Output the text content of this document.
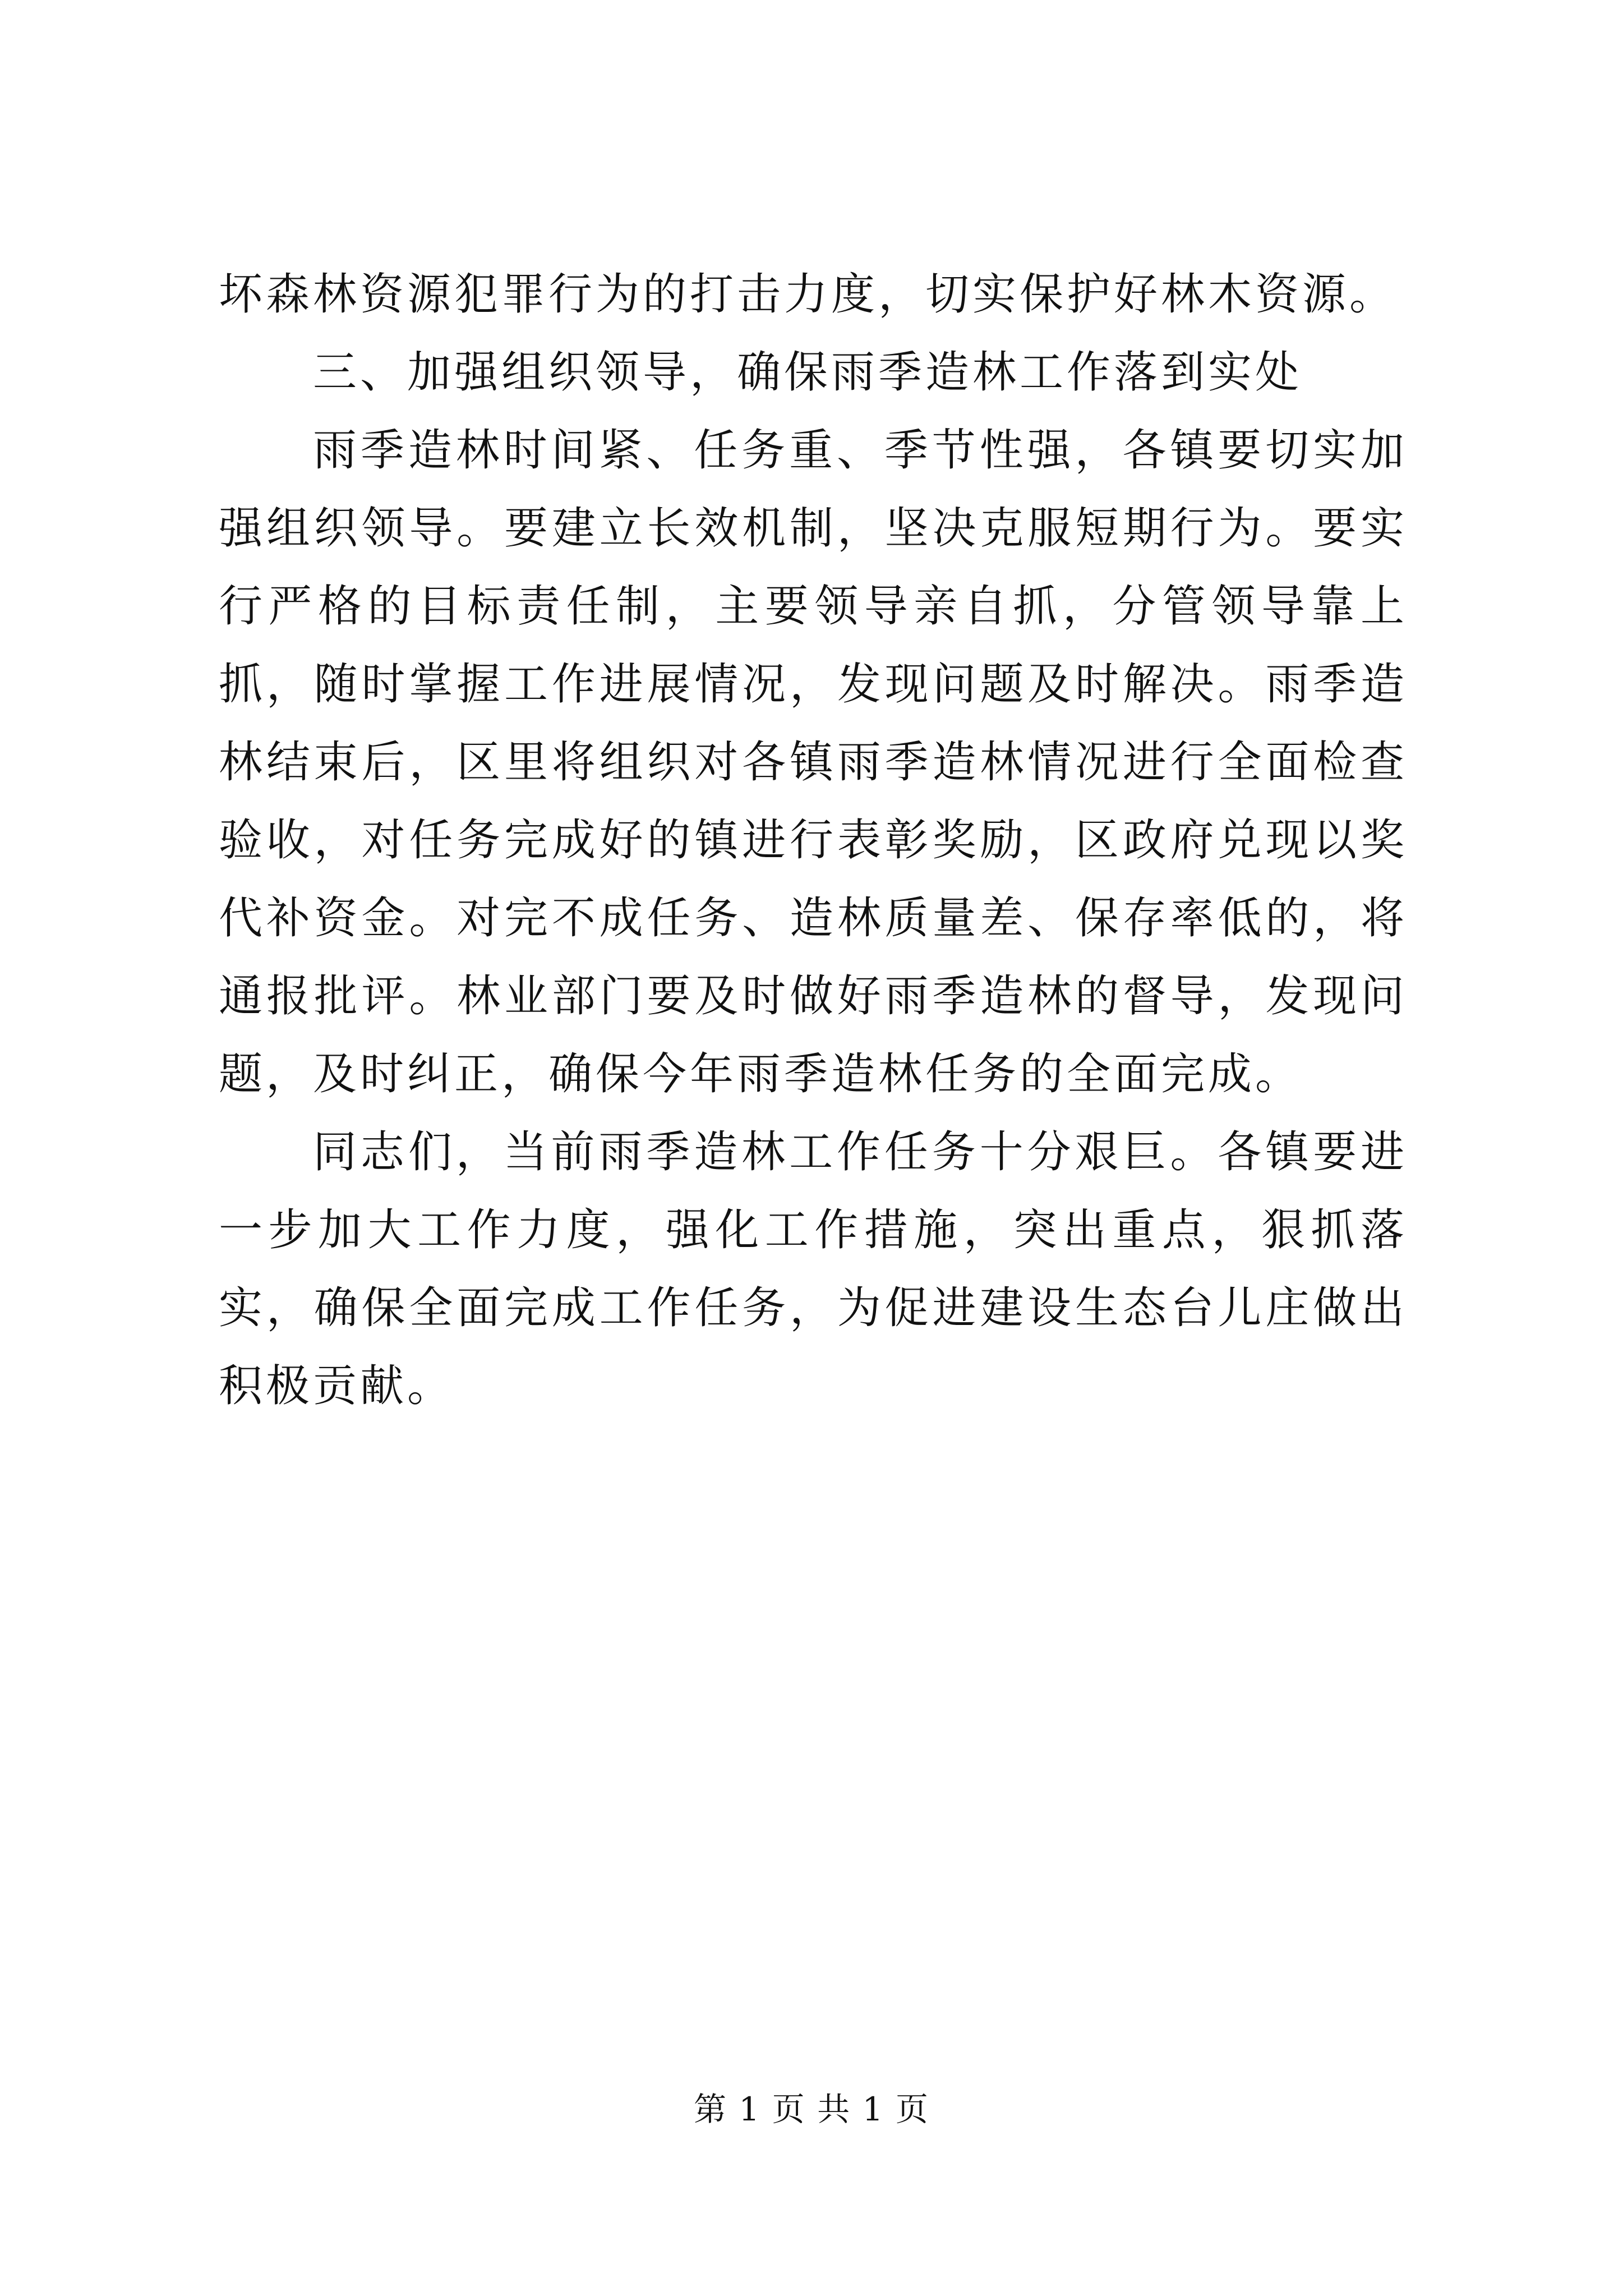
坏森林资源犯罪行为的打击力度，切实保护好林木资源。

三、加强组织领导，确保雨季造林工作落到实处

雨季造林时间紧、任务重、季节性强，各镇要切实加强组织领导。要建立长效机制，坚决克服短期行为。要实行严格的目标责任制，主要领导亲自抓，分管领导靠上抓，随时掌握工作进展情况，发现问题及时解决。雨季造林结束后，区里将组织对各镇雨季造林情况进行全面检查验收，对任务完成好的镇进行表彰奖励，区政府兑现以奖代补资金。对完不成任务、造林质量差、保存率低的，将通报批评。林业部门要及时做好雨季造林的督导，发现问题，及时纠正，确保今年雨季造林任务的全面完成。

同志们，当前雨季造林工作任务十分艰巨。各镇要进一步加大工作力度，强化工作措施，突出重点，狠抓落实，确保全面完成工作任务，为促进建设生态台儿庄做出积极贡献。

第 1 页 共 1 页
